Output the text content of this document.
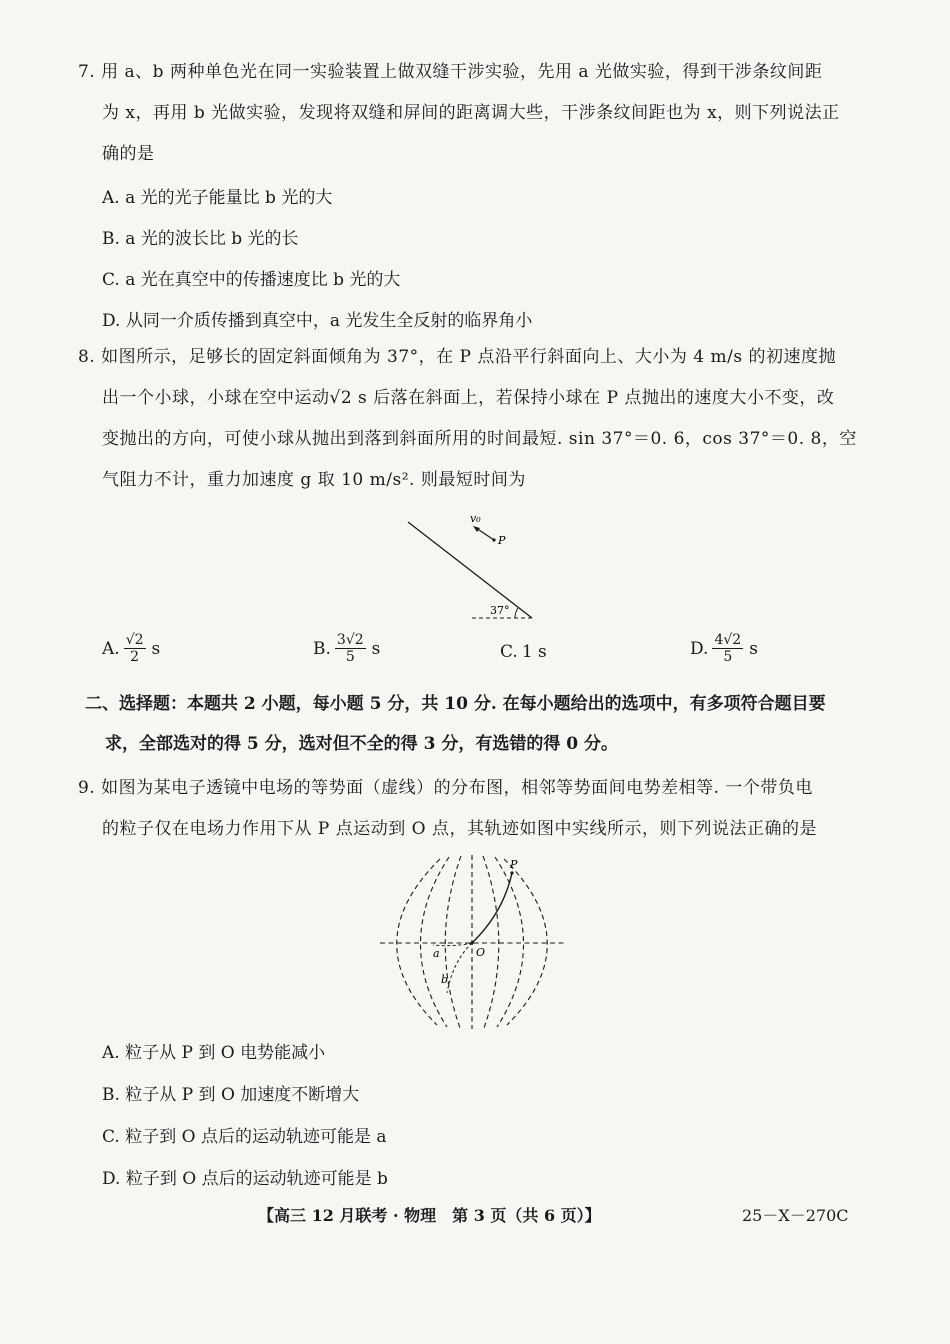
7. 用 a、b 两种单色光在同一实验装置上做双缝干涉实验，先用 a 光做实验，得到干涉条纹间距
为 x，再用 b 光做实验，发现将双缝和屏间的距离调大些，干涉条纹间距也为 x，则下列说法正
确的是
A. a 光的光子能量比 b 光的大
B. a 光的波长比 b 光的长
C. a 光在真空中的传播速度比 b 光的大
D. 从同一介质传播到真空中，a 光发生全反射的临界角小
8. 如图所示，足够长的固定斜面倾角为 37°，在 P 点沿平行斜面向上、大小为 4 m/s 的初速度抛
出一个小球，小球在空中运动√2 s 后落在斜面上，若保持小球在 P 点抛出的速度大小不变，改
变抛出的方向，可使小球从抛出到落到斜面所用的时间最短. sin 37°＝0. 6，cos 37°＝0. 8，空
气阻力不计，重力加速度 g 取 10 m/s². 则最短时间为
v₀
P
37°
A. $\frac{√2}{2}$ s	B. $\frac{3√2}{5}$ s	C. 1 s	D. $\frac{4√2}{5}$ s
二、选择题：本题共 2 小题，每小题 5 分，共 10 分. 在每小题给出的选项中，有多项符合题目要
求，全部选对的得 5 分，选对但不全的得 3 分，有选错的得 0 分。
9. 如图为某电子透镜中电场的等势面（虚线）的分布图，相邻等势面间电势差相等. 一个带负电
的粒子仅在电场力作用下从 P 点运动到 O 点，其轨迹如图中实线所示，则下列说法正确的是
P
O
a
b
A. 粒子从 P 到 O 电势能减小
B. 粒子从 P 到 O 加速度不断增大
C. 粒子到 O 点后的运动轨迹可能是 a
D. 粒子到 O 点后的运动轨迹可能是 b
【高三 12 月联考 · 物理　第 3 页（共 6 页）】	25－X－270C
